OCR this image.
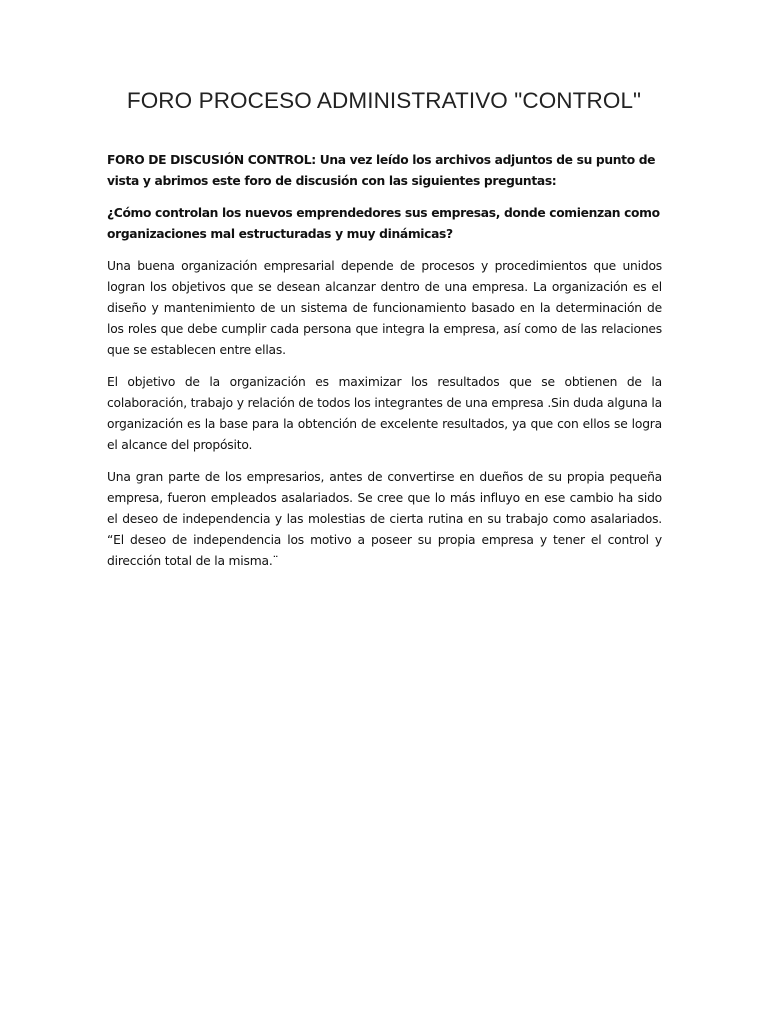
FORO PROCESO ADMINISTRATIVO "CONTROL"

FORO DE DISCUSIÓN CONTROL: Una vez leído los archivos adjuntos de su punto de vista y abrimos este foro de discusión con las siguientes preguntas:

¿Cómo controlan los nuevos emprendedores sus empresas, donde comienzan como organizaciones mal estructuradas y muy dinámicas?

Una buena organización empresarial depende de procesos y procedimientos que unidos logran los objetivos que se desean alcanzar dentro de una empresa. La organización es el diseño y mantenimiento de un sistema de funcionamiento basado en la determinación de los roles que debe cumplir cada persona que integra la empresa, así como de las relaciones que se establecen entre ellas.

El objetivo de la organización es maximizar los resultados que se obtienen de la colaboración, trabajo y relación de todos los integrantes de una empresa .Sin duda alguna la organización es la base para la obtención de excelente resultados, ya que con ellos se logra el alcance del propósito.

Una gran parte de los empresarios, antes de convertirse en dueños de su propia pequeña empresa, fueron empleados asalariados. Se cree que lo más influyo en ese cambio ha sido el deseo de independencia y las molestias de cierta rutina en su trabajo como asalariados. “El deseo de independencia los motivo a poseer su propia empresa y tener el control y dirección total de la misma.¨
